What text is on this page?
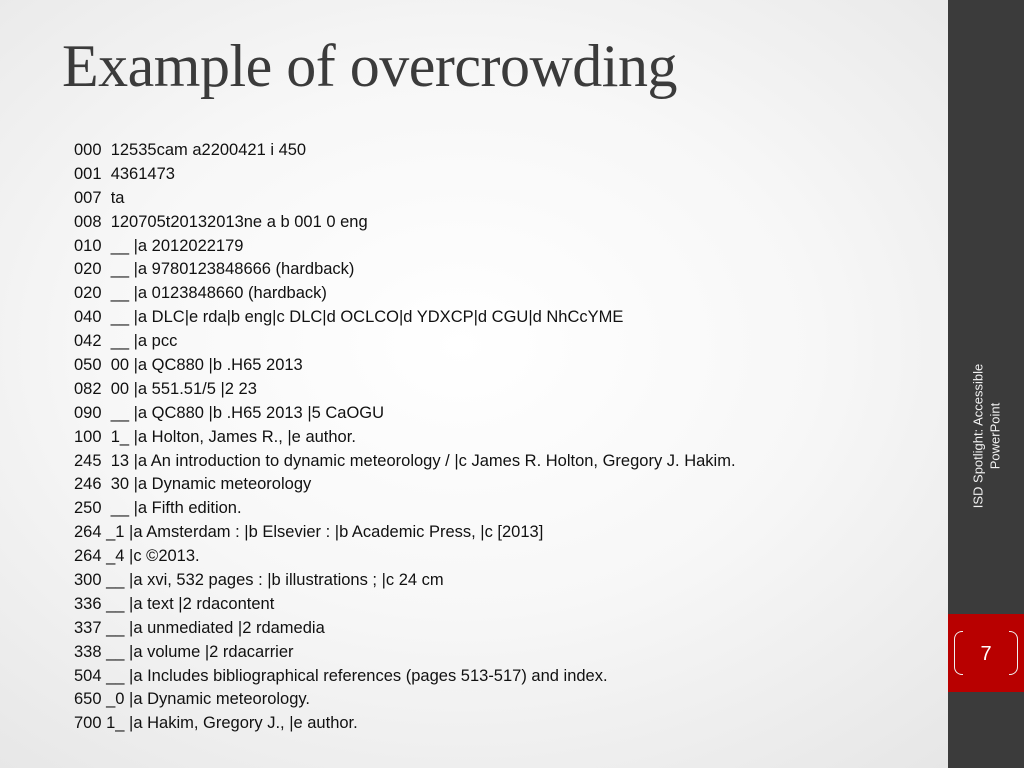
Example of overcrowding
000  12535cam a2200421 i 450
001  4361473
007  ta
008  120705t20132013ne a b 001 0 eng
010  __ |a 2012022179
020  __ |a 9780123848666 (hardback)
020  __ |a 0123848660 (hardback)
040  __ |a DLC|e rda|b eng|c DLC|d OCLCO|d YDXCP|d CGU|d NhCcYME
042  __ |a pcc
050  00 |a QC880 |b .H65 2013
082  00 |a 551.51/5 |2 23
090  __ |a QC880 |b .H65 2013 |5 CaOGU
100  1_ |a Holton, James R., |e author.
245  13 |a An introduction to dynamic meteorology / |c James R. Holton, Gregory J. Hakim.
246  30 |a Dynamic meteorology
250  __ |a Fifth edition.
264 _1 |a Amsterdam : |b Elsevier : |b Academic Press, |c [2013]
264 _4 |c ©2013.
300 __ |a xvi, 532 pages : |b illustrations ; |c 24 cm
336 __ |a text |2 rdacontent
337 __ |a unmediated |2 rdamedia
338 __ |a volume |2 rdacarrier
504 __ |a Includes bibliographical references (pages 513-517) and index.
650 _0 |a Dynamic meteorology.
700 1_ |a Hakim, Gregory J., |e author.
ISD Spotlight: Accessible PowerPoint
7
